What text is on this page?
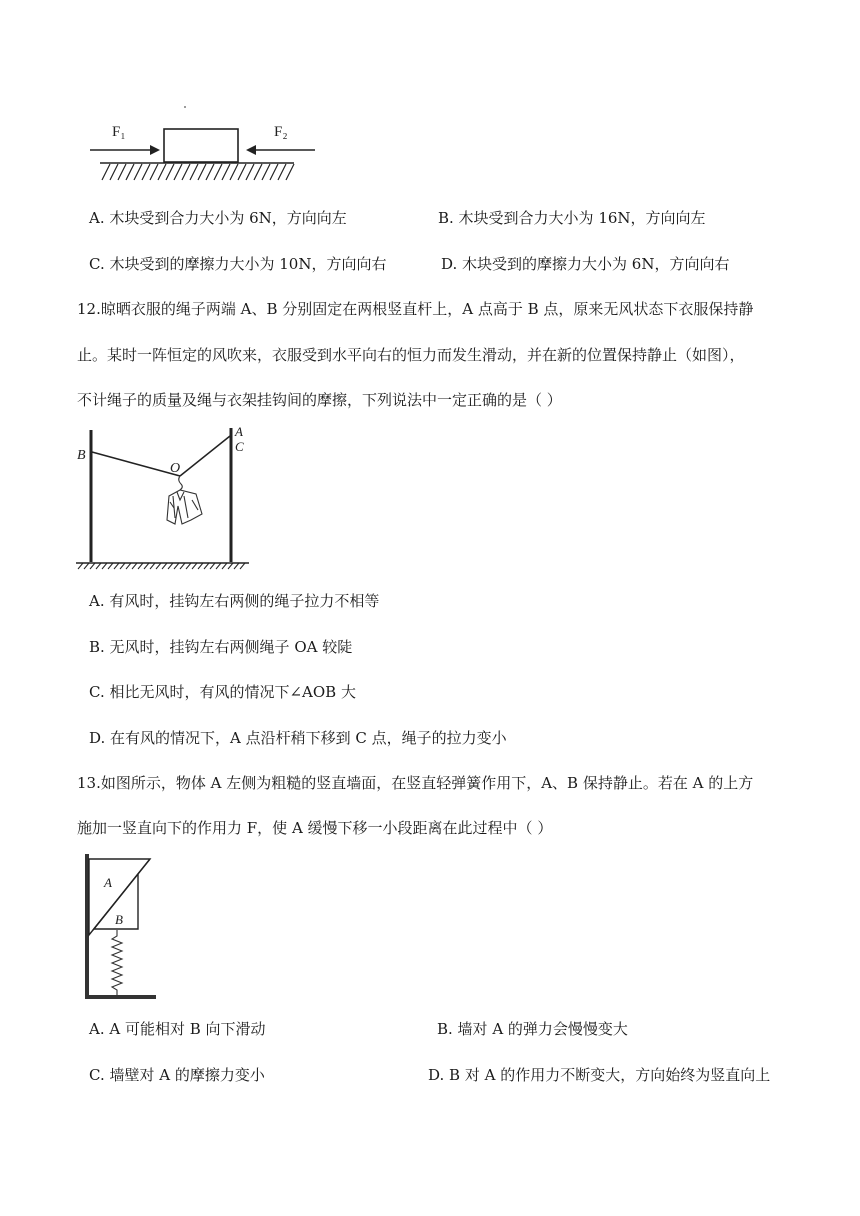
F₁	F₂
A. 木块受到合力大小为 6N，方向向左	B. 木块受到合力大小为 16N，方向向左
C. 木块受到的摩擦力大小为 10N，方向向右	D. 木块受到的摩擦力大小为 6N，方向向右
12.晾晒衣服的绳子两端 A、B 分别固定在两根竖直杆上，A 点高于 B 点，原来无风状态下衣服保持静
止。某时一阵恒定的风吹来，衣服受到水平向右的恒力而发生滑动，并在新的位置保持静止（如图），
不计绳子的质量及绳与衣架挂钩间的摩擦，下列说法中一定正确的是（ ）
B
A
C
O
A. 有风时，挂钩左右两侧的绳子拉力不相等
B. 无风时，挂钩左右两侧绳子 OA 较陡
C. 相比无风时，有风的情况下∠AOB 大
D. 在有风的情况下，A 点沿杆稍下移到 C 点，绳子的拉力变小
13.如图所示，物体 A 左侧为粗糙的竖直墙面，在竖直轻弹簧作用下，A、B 保持静止。若在 A 的上方
施加一竖直向下的作用力 F，使 A 缓慢下移一小段距离在此过程中（ ）
A
B
A. A 可能相对 B 向下滑动	B. 墙对 A 的弹力会慢慢变大
C. 墙壁对 A 的摩擦力变小	D. B 对 A 的作用力不断变大，方向始终为竖直向上
